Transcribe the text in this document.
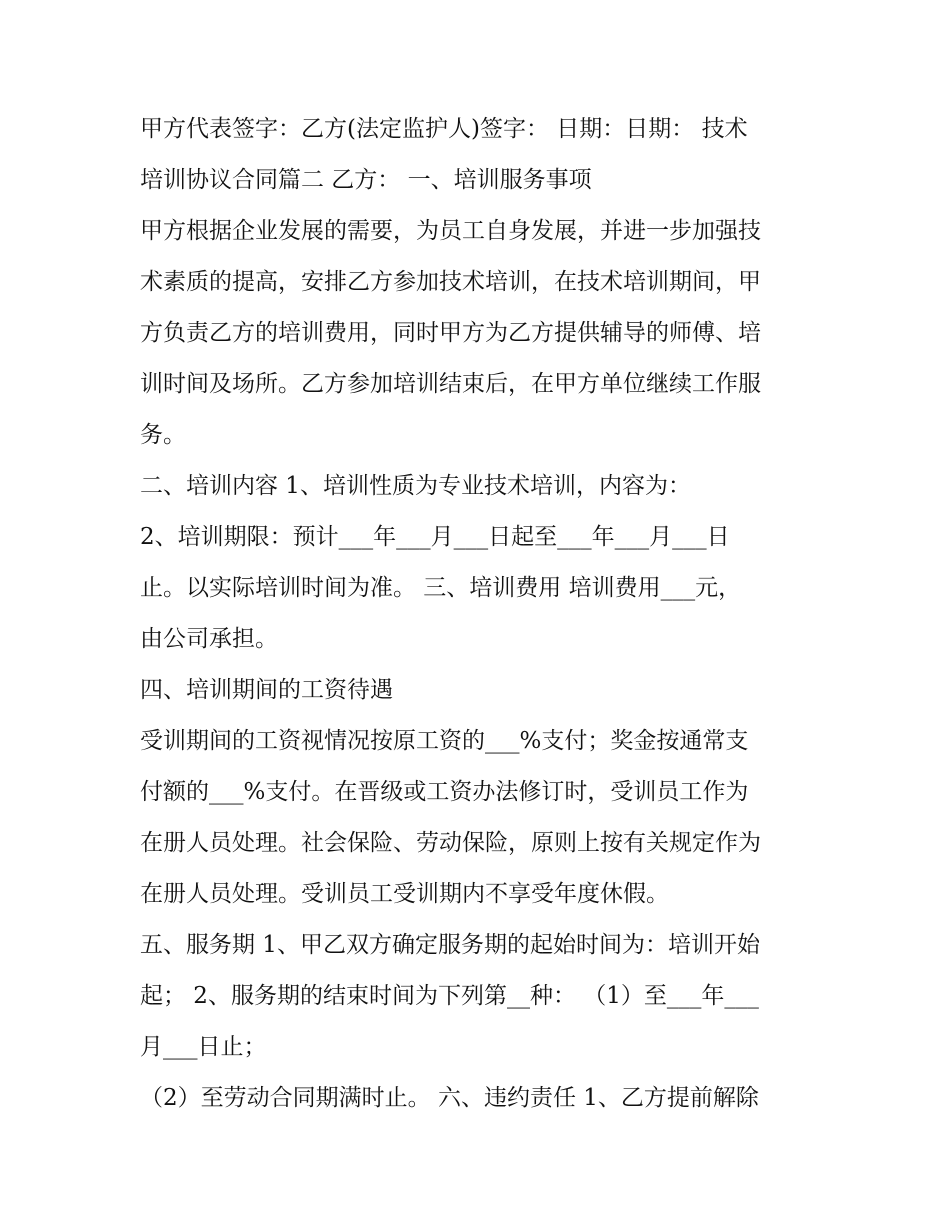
甲方代表签字：乙方(法定监护人)签字： 日期：日期： 技术
培训协议合同篇二 乙方： 一、培训服务事项
甲方根据企业发展的需要，为员工自身发展，并进一步加强技
术素质的提高，安排乙方参加技术培训，在技术培训期间，甲
方负责乙方的培训费用，同时甲方为乙方提供辅导的师傅、培
训时间及场所。乙方参加培训结束后，在甲方单位继续工作服
务。
二、培训内容 1、培训性质为专业技术培训，内容为：
2、培训期限：预计___年___月___日起至___年___月___日
止。以实际培训时间为准。 三、培训费用 培训费用___元，
由公司承担。
四、培训期间的工资待遇
受训期间的工资视情况按原工资的___%支付；奖金按通常支
付额的___%支付。在晋级或工资办法修订时，受训员工作为
在册人员处理。社会保险、劳动保险，原则上按有关规定作为
在册人员处理。受训员工受训期内不享受年度休假。
五、服务期 1、甲乙双方确定服务期的起始时间为：培训开始
起； 2、服务期的结束时间为下列第__种： （1）至___年___
月___日止；
（2）至劳动合同期满时止。 六、违约责任 1、乙方提前解除
